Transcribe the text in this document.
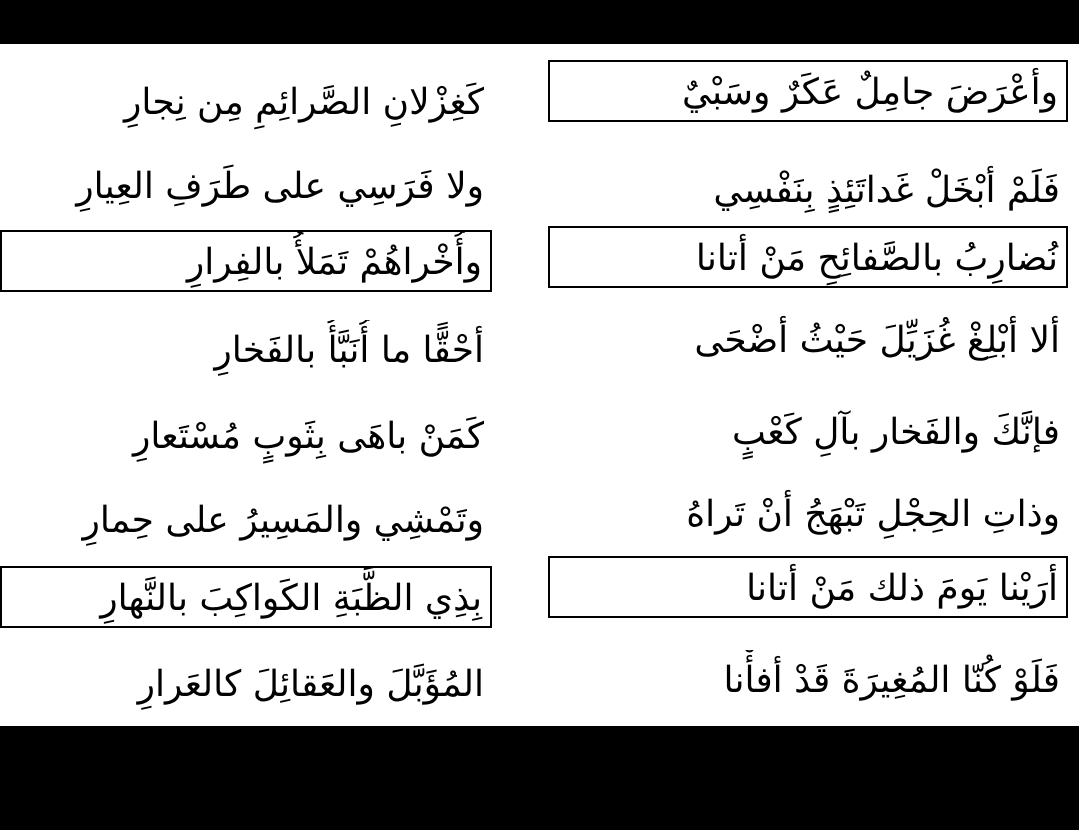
وأعْرَضَ جامِلٌ عَكَرٌ وسَبْيٌ
فَلَمْ أبْخَلْ غَداتَئِذٍ بِنَفْسِي
نُضارِبُ بالصَّفائِحِ مَنْ أتانا
ألا أبْلِغْ غُزَيِّلَ حَيْثُ أضْحَى
فإنَّكَ والفَخار بآلِ كَعْبٍ
وذاتِ الحِجْلِ تَبْهَجُ أنْ تَراهُ
أرَيْنا يَومَ ذلك مَنْ أتانا
فَلَوْ كُنّا المُغِيرَةَ قَدْ أفأْنا
كَغِزْلانِ الصَّرائِمِ مِن نِجارِ
ولا فَرَسِي على طَرَفِ العِيارِ
وأُخْراهُمْ تَمَلأُ بالفِرارِ
أحْقًّا ما أُنَبَّأُ بالفَخارِ
كَمَنْ باهَى بِثَوبٍ مُسْتَعارِ
وتَمْشِي والمَسِيرُ على حِمارِ
بِذِي الظَّبَةِ الكَواكِبَ بالنَّهارِ
المُؤَبَّلَ والعَقائِلَ كالعَرارِ
